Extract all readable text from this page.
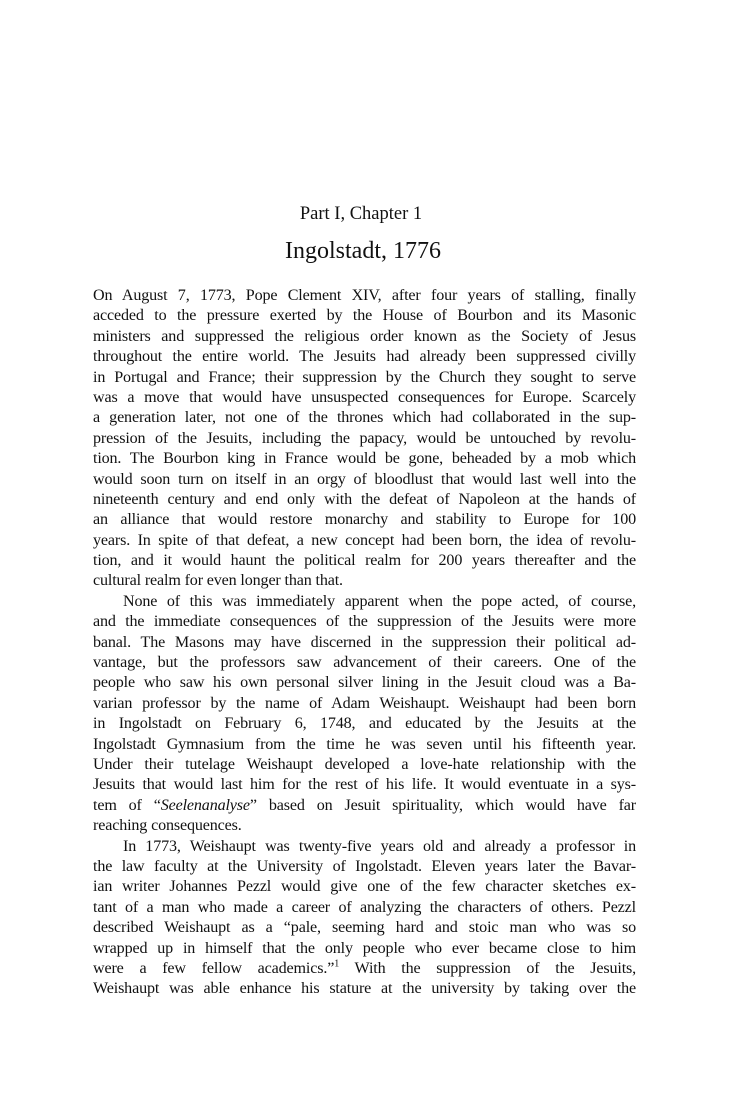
Part I, Chapter 1
Ingolstadt, 1776
On August 7, 1773, Pope Clement XIV, after four years of stalling, finally
acceded to the pressure exerted by the House of Bourbon and its Masonic
ministers and suppressed the religious order known as the Society of Jesus
throughout the entire world. The Jesuits had already been suppressed civilly
in Portugal and France; their suppression by the Church they sought to serve
was a move that would have unsuspected consequences for Europe. Scarcely
a generation later, not one of the thrones which had collaborated in the sup-
pression of the Jesuits, including the papacy, would be untouched by revolu-
tion. The Bourbon king in France would be gone, beheaded by a mob which
would soon turn on itself in an orgy of bloodlust that would last well into the
nineteenth century and end only with the defeat of Napoleon at the hands of
an alliance that would restore monarchy and stability to Europe for 100
years. In spite of that defeat, a new concept had been born, the idea of revolu-
tion, and it would haunt the political realm for 200 years thereafter and the
cultural realm for even longer than that.
None of this was immediately apparent when the pope acted, of course,
and the immediate consequences of the suppression of the Jesuits were more
banal. The Masons may have discerned in the suppression their political ad-
vantage, but the professors saw advancement of their careers. One of the
people who saw his own personal silver lining in the Jesuit cloud was a Ba-
varian professor by the name of Adam Weishaupt. Weishaupt had been born
in Ingolstadt on February 6, 1748, and educated by the Jesuits at the
Ingolstadt Gymnasium from the time he was seven until his fifteenth year.
Under their tutelage Weishaupt developed a love-hate relationship with the
Jesuits that would last him for the rest of his life. It would eventuate in a sys-
tem of “Seelenanalyse” based on Jesuit spirituality, which would have far
reaching consequences.
In 1773, Weishaupt was twenty-five years old and already a professor in
the law faculty at the University of Ingolstadt. Eleven years later the Bavar-
ian writer Johannes Pezzl would give one of the few character sketches ex-
tant of a man who made a career of analyzing the characters of others. Pezzl
described Weishaupt as a “pale, seeming hard and stoic man who was so
wrapped up in himself that the only people who ever became close to him
were a few fellow academics.”$^1$ With the suppression of the Jesuits,
Weishaupt was able enhance his stature at the university by taking over the
